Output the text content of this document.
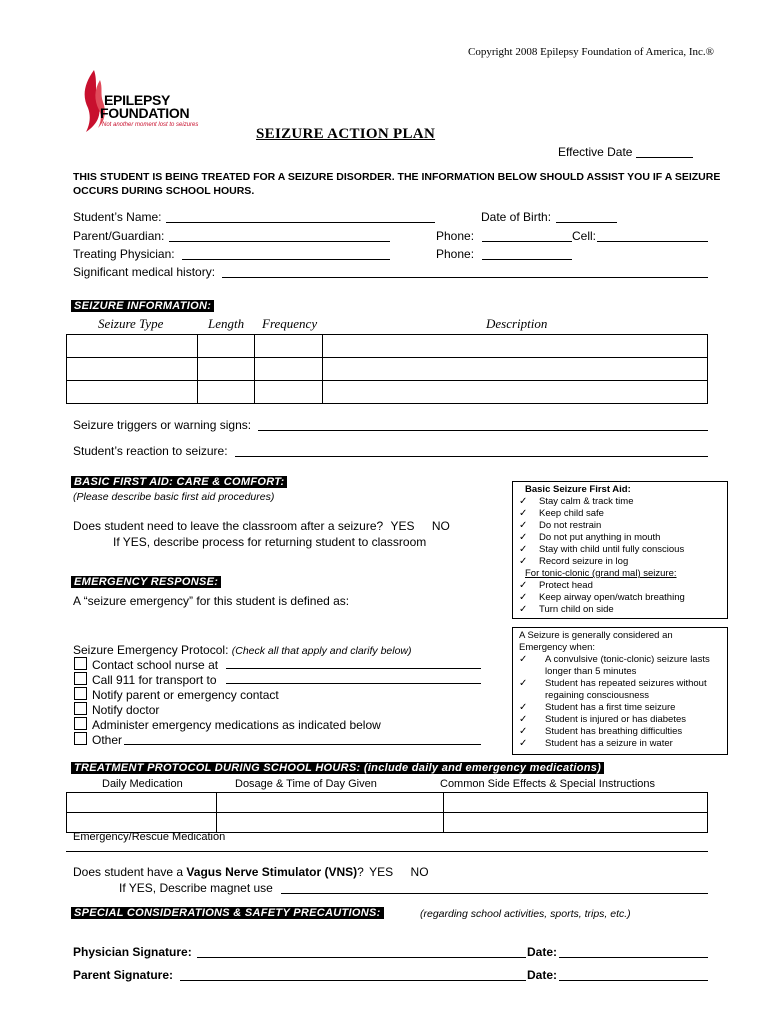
Copyright 2008 Epilepsy Foundation of America, Inc.®
EPILEPSY
FOUNDATION
Not another moment lost to seizures
SEIZURE ACTION PLAN
Effective Date
THIS STUDENT IS BEING TREATED FOR A SEIZURE DISORDER. THE INFORMATION BELOW SHOULD ASSIST YOU IF A SEIZURE OCCURS DURING SCHOOL HOURS.
Student’s Name:	Date of Birth:
Parent/Guardian:	Phone:	Cell:
Treating Physician:	Phone:
Significant medical history:
SEIZURE INFORMATION:
Seizure Type	Length Frequency	Description

Seizure triggers or warning signs:
Student’s reaction to seizure:
BASIC FIRST AID: CARE & COMFORT:
(Please describe basic first aid procedures)
Does student need to leave the classroom after a seizure? YES NO
If YES, describe process for returning student to classroom
EMERGENCY RESPONSE:
A “seizure emergency” for this student is defined as:
Seizure Emergency Protocol: (Check all that apply and clarify below)
Contact school nurse at
Call 911 for transport to
Notify parent or emergency contact
Notify doctor
Administer emergency medications as indicated below
Other
Basic Seizure First Aid:
✓ Stay calm & track time
✓ Keep child safe
✓ Do not restrain
✓ Do not put anything in mouth
✓ Stay with child until fully conscious
✓ Record seizure in log
For tonic-clonic (grand mal) seizure:
✓ Protect head
✓ Keep airway open/watch breathing
✓ Turn child on side
A Seizure is generally considered an
Emergency when:
✓ A convulsive (tonic-clonic) seizure lasts longer than 5 minutes
✓ Student has repeated seizures without regaining consciousness
✓ Student has a first time seizure
✓ Student is injured or has diabetes
✓ Student has breathing difficulties
✓ Student has a seizure in water
TREATMENT PROTOCOL DURING SCHOOL HOURS: (include daily and emergency medications)
Daily Medication	Dosage & Time of Day Given	Common Side Effects & Special Instructions

Emergency/Rescue Medication
Does student have a Vagus Nerve Stimulator (VNS)? YES NO
If YES, Describe magnet use
SPECIAL CONSIDERATIONS & SAFETY PRECAUTIONS:	(regarding school activities, sports, trips, etc.)
Physician Signature:	Date:
Parent Signature:	Date:
